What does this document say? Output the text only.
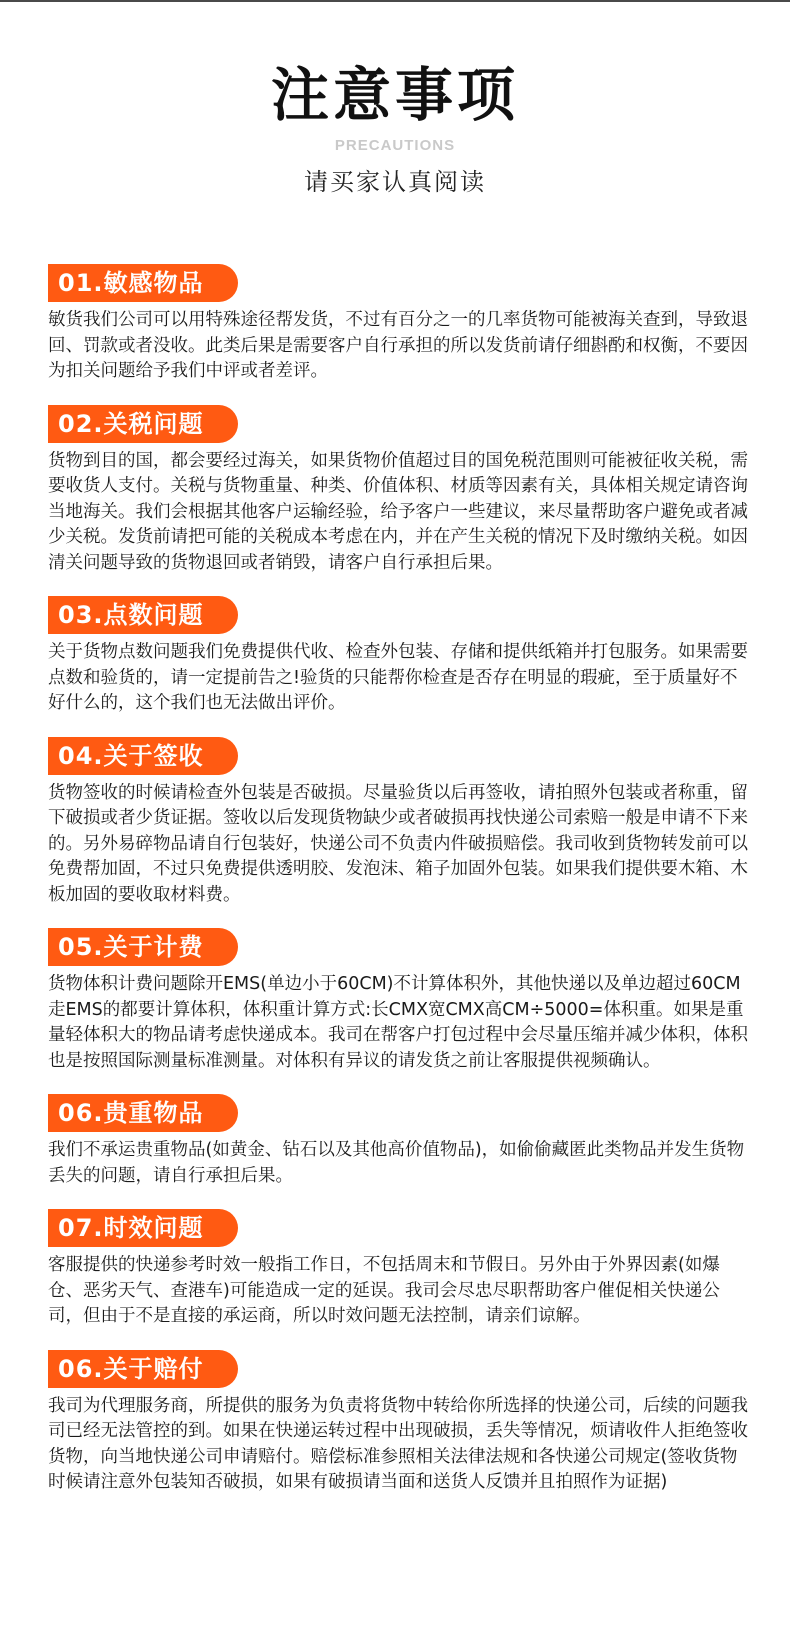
注意事项
PRECAUTIONS
请买家认真阅读
01.敏感物品

敏货我们公司可以用特殊途径帮发货，不过有百分之一的几率货物可能被海关查到，导致退回、罚款或者没收。此类后果是需要客户自行承担的所以发货前请仔细斟酌和权衡，不要因为扣关问题给予我们中评或者差评。

02.关税问题

货物到目的国，都会要经过海关，如果货物价值超过目的国免税范围则可能被征收关税，需要收货人支付。关税与货物重量、种类、价值体积、材质等因素有关，具体相关规定请咨询当地海关。我们会根据其他客户运输经验，给予客户一些建议，来尽量帮助客户避免或者减少关税。发货前请把可能的关税成本考虑在内，并在产生关税的情况下及时缴纳关税。如因清关问题导致的货物退回或者销毁，请客户自行承担后果。

03.点数问题

关于货物点数问题我们免费提供代收、检查外包装、存储和提供纸箱并打包服务。如果需要点数和验货的，请一定提前告之!验货的只能帮你检查是否存在明显的瑕疵，至于质量好不好什么的，这个我们也无法做出评价。

04.关于签收

货物签收的时候请检查外包装是否破损。尽量验货以后再签收，请拍照外包装或者称重，留下破损或者少货证据。签收以后发现货物缺少或者破损再找快递公司索赔一般是申请不下来的。另外易碎物品请自行包装好，快递公司不负责内件破损赔偿。我司收到货物转发前可以免费帮加固，不过只免费提供透明胶、发泡沫、箱子加固外包装。如果我们提供要木箱、木板加固的要收取材料费。

05.关于计费

货物体积计费问题除开EMS(单边小于60CM)不计算体积外，其他快递以及单边超过60CM走EMS的都要计算体积，体积重计算方式:长CMX宽CMX高CM÷5000=体积重。如果是重量轻体积大的物品请考虑快递成本。我司在帮客户打包过程中会尽量压缩并减少体积，体积也是按照国际测量标准测量。对体积有异议的请发货之前让客服提供视频确认。

06.贵重物品

我们不承运贵重物品(如黄金、钻石以及其他高价值物品)，如偷偷藏匿此类物品并发生货物丢失的问题，请自行承担后果。

07.时效问题

客服提供的快递参考时效一般指工作日，不包括周末和节假日。另外由于外界因素(如爆仓、恶劣天气、查港车)可能造成一定的延误。我司会尽忠尽职帮助客户催促相关快递公司，但由于不是直接的承运商，所以时效问题无法控制，请亲们谅解。

06.关于赔付

我司为代理服务商，所提供的服务为负责将货物中转给你所选择的快递公司，后续的问题我司已经无法管控的到。如果在快递运转过程中出现破损，丢失等情况，烦请收件人拒绝签收货物，向当地快递公司申请赔付。赔偿标准参照相关法律法规和各快递公司规定(签收货物时候请注意外包装知否破损，如果有破损请当面和送货人反馈并且拍照作为证据)
